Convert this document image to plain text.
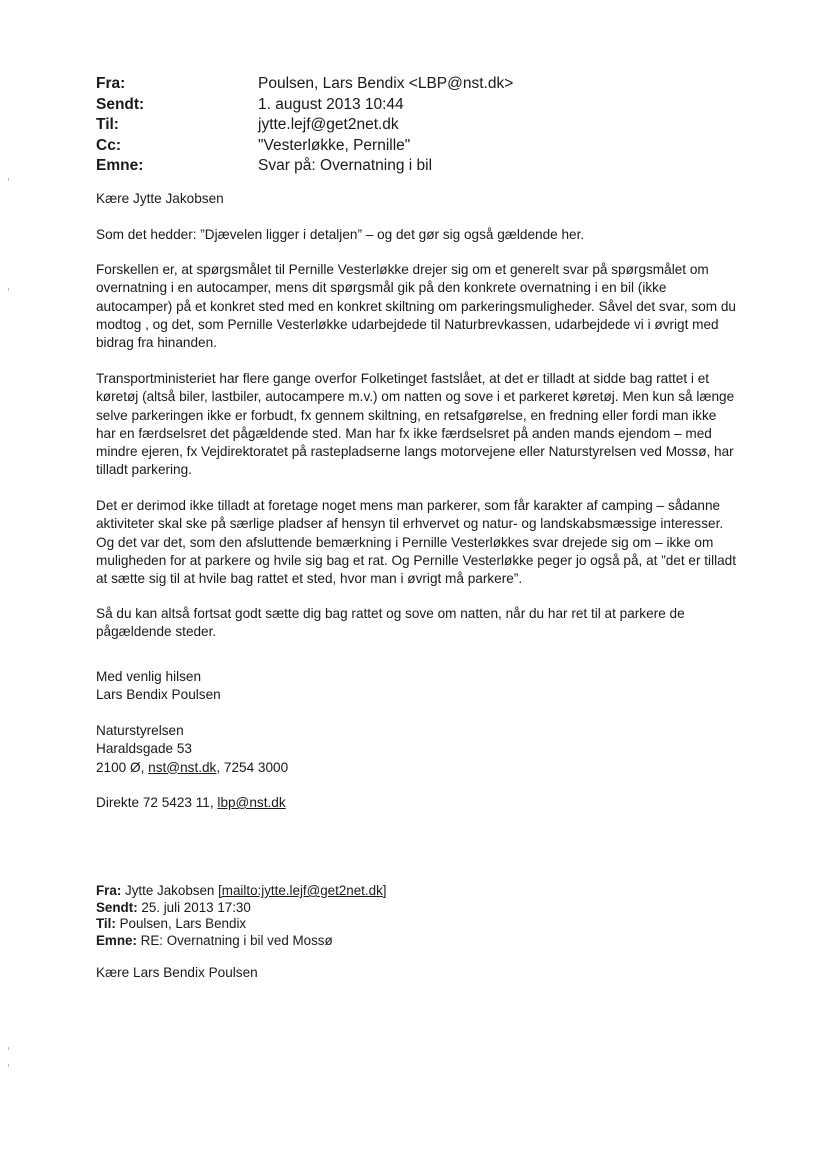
Fra:	Poulsen, Lars Bendix <LBP@nst.dk>
Sendt:	1. august 2013 10:44
Til:	jytte.lejf@get2net.dk
Cc:	"Vesterløkke, Pernille"
Emne:	Svar på: Overnatning i bil
Kære Jytte Jakobsen

Som det hedder: ”Djævelen ligger i detaljen” – og det gør sig også gældende her.

Forskellen er, at spørgsmålet til Pernille Vesterløkke drejer sig om et generelt svar på spørgsmålet om overnatning i en autocamper, mens dit spørgsmål gik på den konkrete overnatning i en bil (ikke autocamper) på et konkret sted med en konkret skiltning om parkeringsmuligheder. Såvel det svar, som du modtog , og det, som Pernille Vesterløkke udarbejdede til Naturbrevkassen, udarbejdede vi i øvrigt med bidrag fra hinanden.

Transportministeriet har flere gange overfor Folketinget fastslået, at det er tilladt at sidde bag rattet i et køretøj (altså biler, lastbiler, autocampere m.v.) om natten og sove i et parkeret køretøj. Men kun så længe selve parkeringen ikke er forbudt, fx gennem skiltning, en retsafgørelse, en fredning eller fordi man ikke har en færdselsret det pågældende sted. Man har fx ikke færdselsret på anden mands ejendom – med mindre ejeren, fx Vejdirektoratet på rastepladserne langs motorvejene eller Naturstyrelsen ved Mossø, har tilladt parkering.

Det er derimod ikke tilladt at foretage noget mens man parkerer, som får karakter af camping – sådanne aktiviteter skal ske på særlige pladser af hensyn til erhvervet og natur- og landskabsmæssige interesser. Og det var det, som den afsluttende bemærkning i Pernille Vesterløkkes svar drejede sig om – ikke om muligheden for at parkere og hvile sig bag et rat. Og Pernille Vesterløkke peger jo også på, at ”det er tilladt at sætte sig til at hvile bag rattet et sted, hvor man i øvrigt må parkere”.

Så du kan altså fortsat godt sætte dig bag rattet og sove om natten, når du har ret til at parkere de pågældende steder.

Med venlig hilsen
Lars Bendix Poulsen
Naturstyrelsen
Haraldsgade 53
2100 Ø, nst@nst.dk, 7254 3000
Direkte 72 5423 11, lbp@nst.dk
Fra: Jytte Jakobsen [mailto:jytte.lejf@get2net.dk]
Sendt: 25. juli 2013 17:30
Til: Poulsen, Lars Bendix
Emne: RE: Overnatning i bil ved Mossø
Kære Lars Bendix Poulsen
